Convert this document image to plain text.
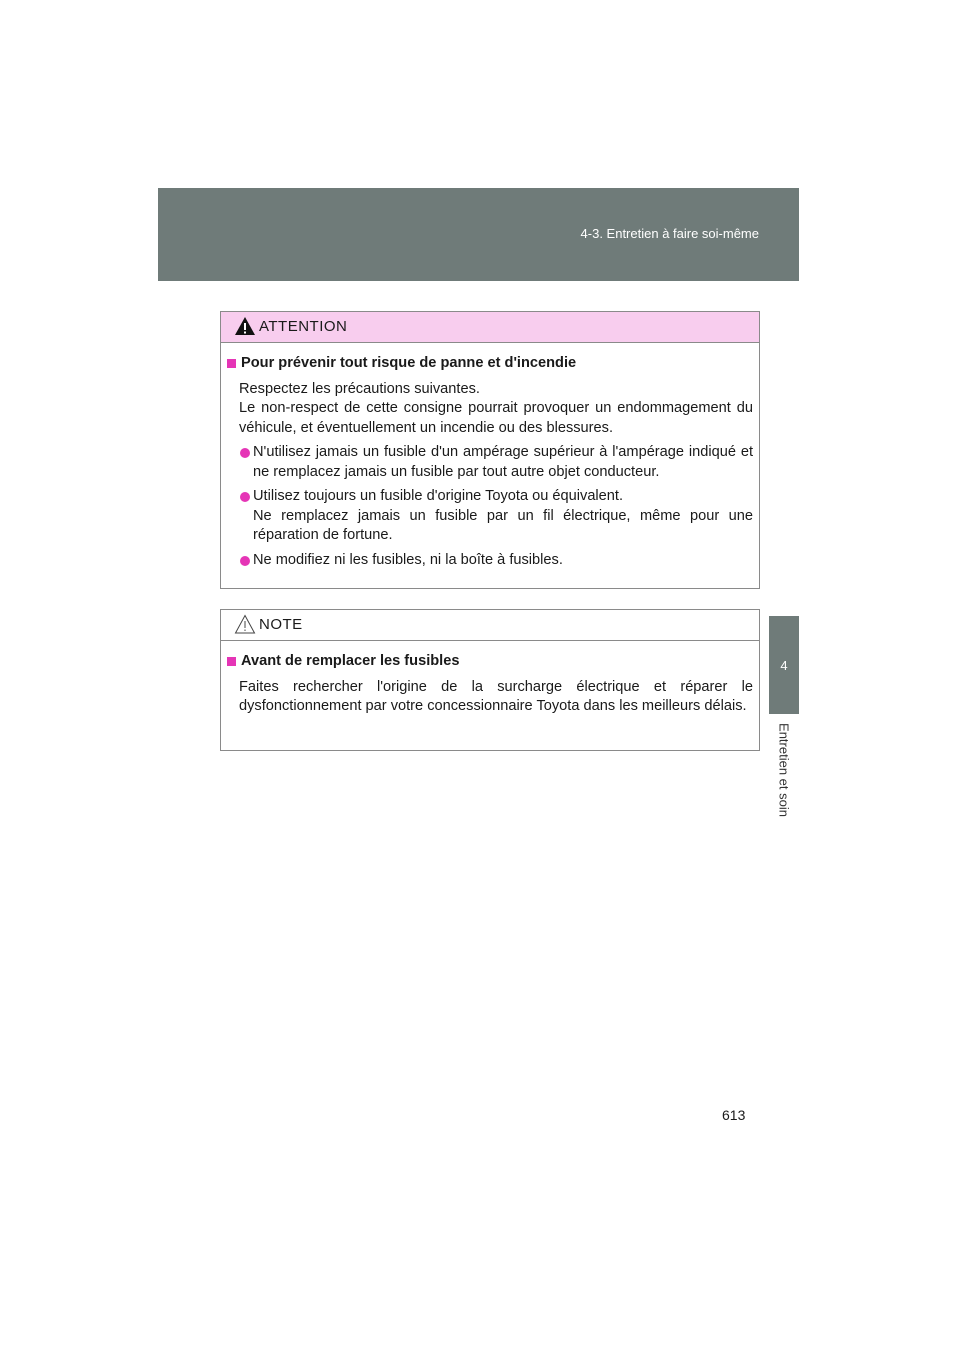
4-3. Entretien à faire soi-même
4
Entretien et soin
ATTENTION
Pour prévenir tout risque de panne et d'incendie
Respectez les précautions suivantes.
Le non-respect de cette consigne pourrait provoquer un endommagement du véhicule, et éventuellement un incendie ou des blessures.
N'utilisez jamais un fusible d'un ampérage supérieur à l'ampérage indiqué et ne remplacez jamais un fusible par tout autre objet conducteur.
Utilisez toujours un fusible d'origine Toyota ou équivalent.
Ne remplacez jamais un fusible par un fil électrique, même pour une réparation de fortune.
Ne modifiez ni les fusibles, ni la boîte à fusibles.
NOTE
Avant de remplacer les fusibles
Faites rechercher l'origine de la surcharge électrique et réparer le dysfonctionnement par votre concessionnaire Toyota dans les meilleurs délais.
613
